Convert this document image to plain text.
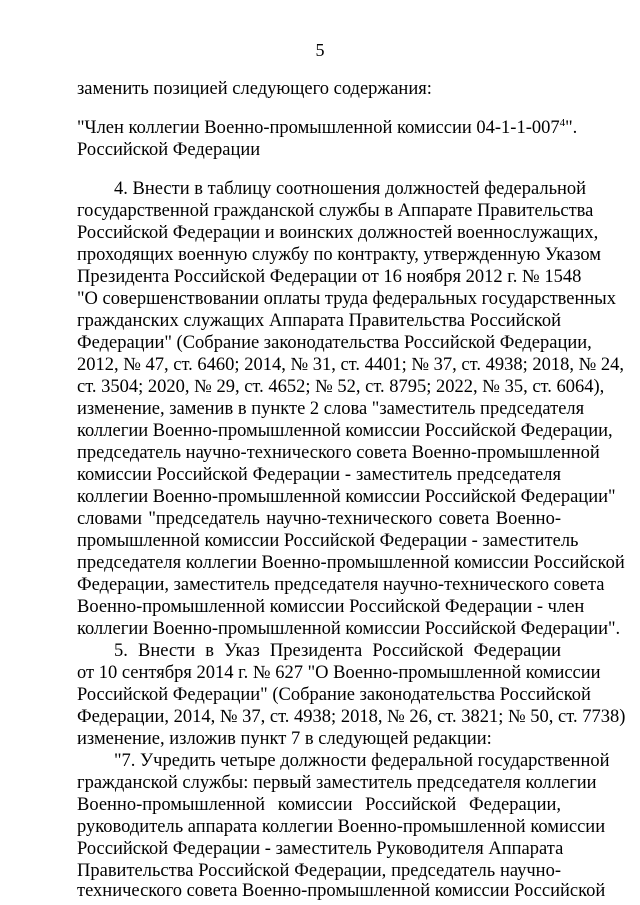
5
заменить позицией следующего содержания:
"Член коллегии Военно-промышленной комиссии $04-1-1-007^4$".
Российской Федерации
4. Внести в таблицу соотношения должностей федеральной
государственной гражданской службы в Аппарате Правительства
Российской Федерации и воинских должностей военнослужащих,
проходящих военную службу по контракту, утвержденную Указом
Президента Российской Федерации от 16 ноября 2012 г. № 1548
"О совершенствовании оплаты труда федеральных государственных
гражданских служащих Аппарата Правительства Российской
Федерации" (Собрание законодательства Российской Федерации,
2012, № 47, ст. 6460; 2014, № 31, ст. 4401; № 37, ст. 4938; 2018, № 24,
ст. 3504; 2020, № 29, ст. 4652; № 52, ст. 8795; 2022, № 35, ст. 6064),
изменение, заменив в пункте 2 слова "заместитель председателя
коллегии Военно-промышленной комиссии Российской Федерации,
председатель научно-технического совета Военно-промышленной
комиссии Российской Федерации - заместитель председателя
коллегии Военно-промышленной комиссии Российской Федерации"
словами "председатель научно-технического совета Военно-
промышленной комиссии Российской Федерации - заместитель
председателя коллегии Военно-промышленной комиссии Российской
Федерации, заместитель председателя научно-технического совета
Военно-промышленной комиссии Российской Федерации - член
коллегии Военно-промышленной комиссии Российской Федерации".
5. Внести в Указ Президента Российской Федерации
от 10 сентября 2014 г. № 627 "О Военно-промышленной комиссии
Российской Федерации" (Собрание законодательства Российской
Федерации, 2014, № 37, ст. 4938; 2018, № 26, ст. 3821; № 50, ст. 7738)
изменение, изложив пункт 7 в следующей редакции:
"7. Учредить четыре должности федеральной государственной
гражданской службы: первый заместитель председателя коллегии
Военно-промышленной комиссии Российской Федерации,
руководитель аппарата коллегии Военно-промышленной комиссии
Российской Федерации - заместитель Руководителя Аппарата
Правительства Российской Федерации, председатель научно-
технического совета Военно-промышленной комиссии Российской
